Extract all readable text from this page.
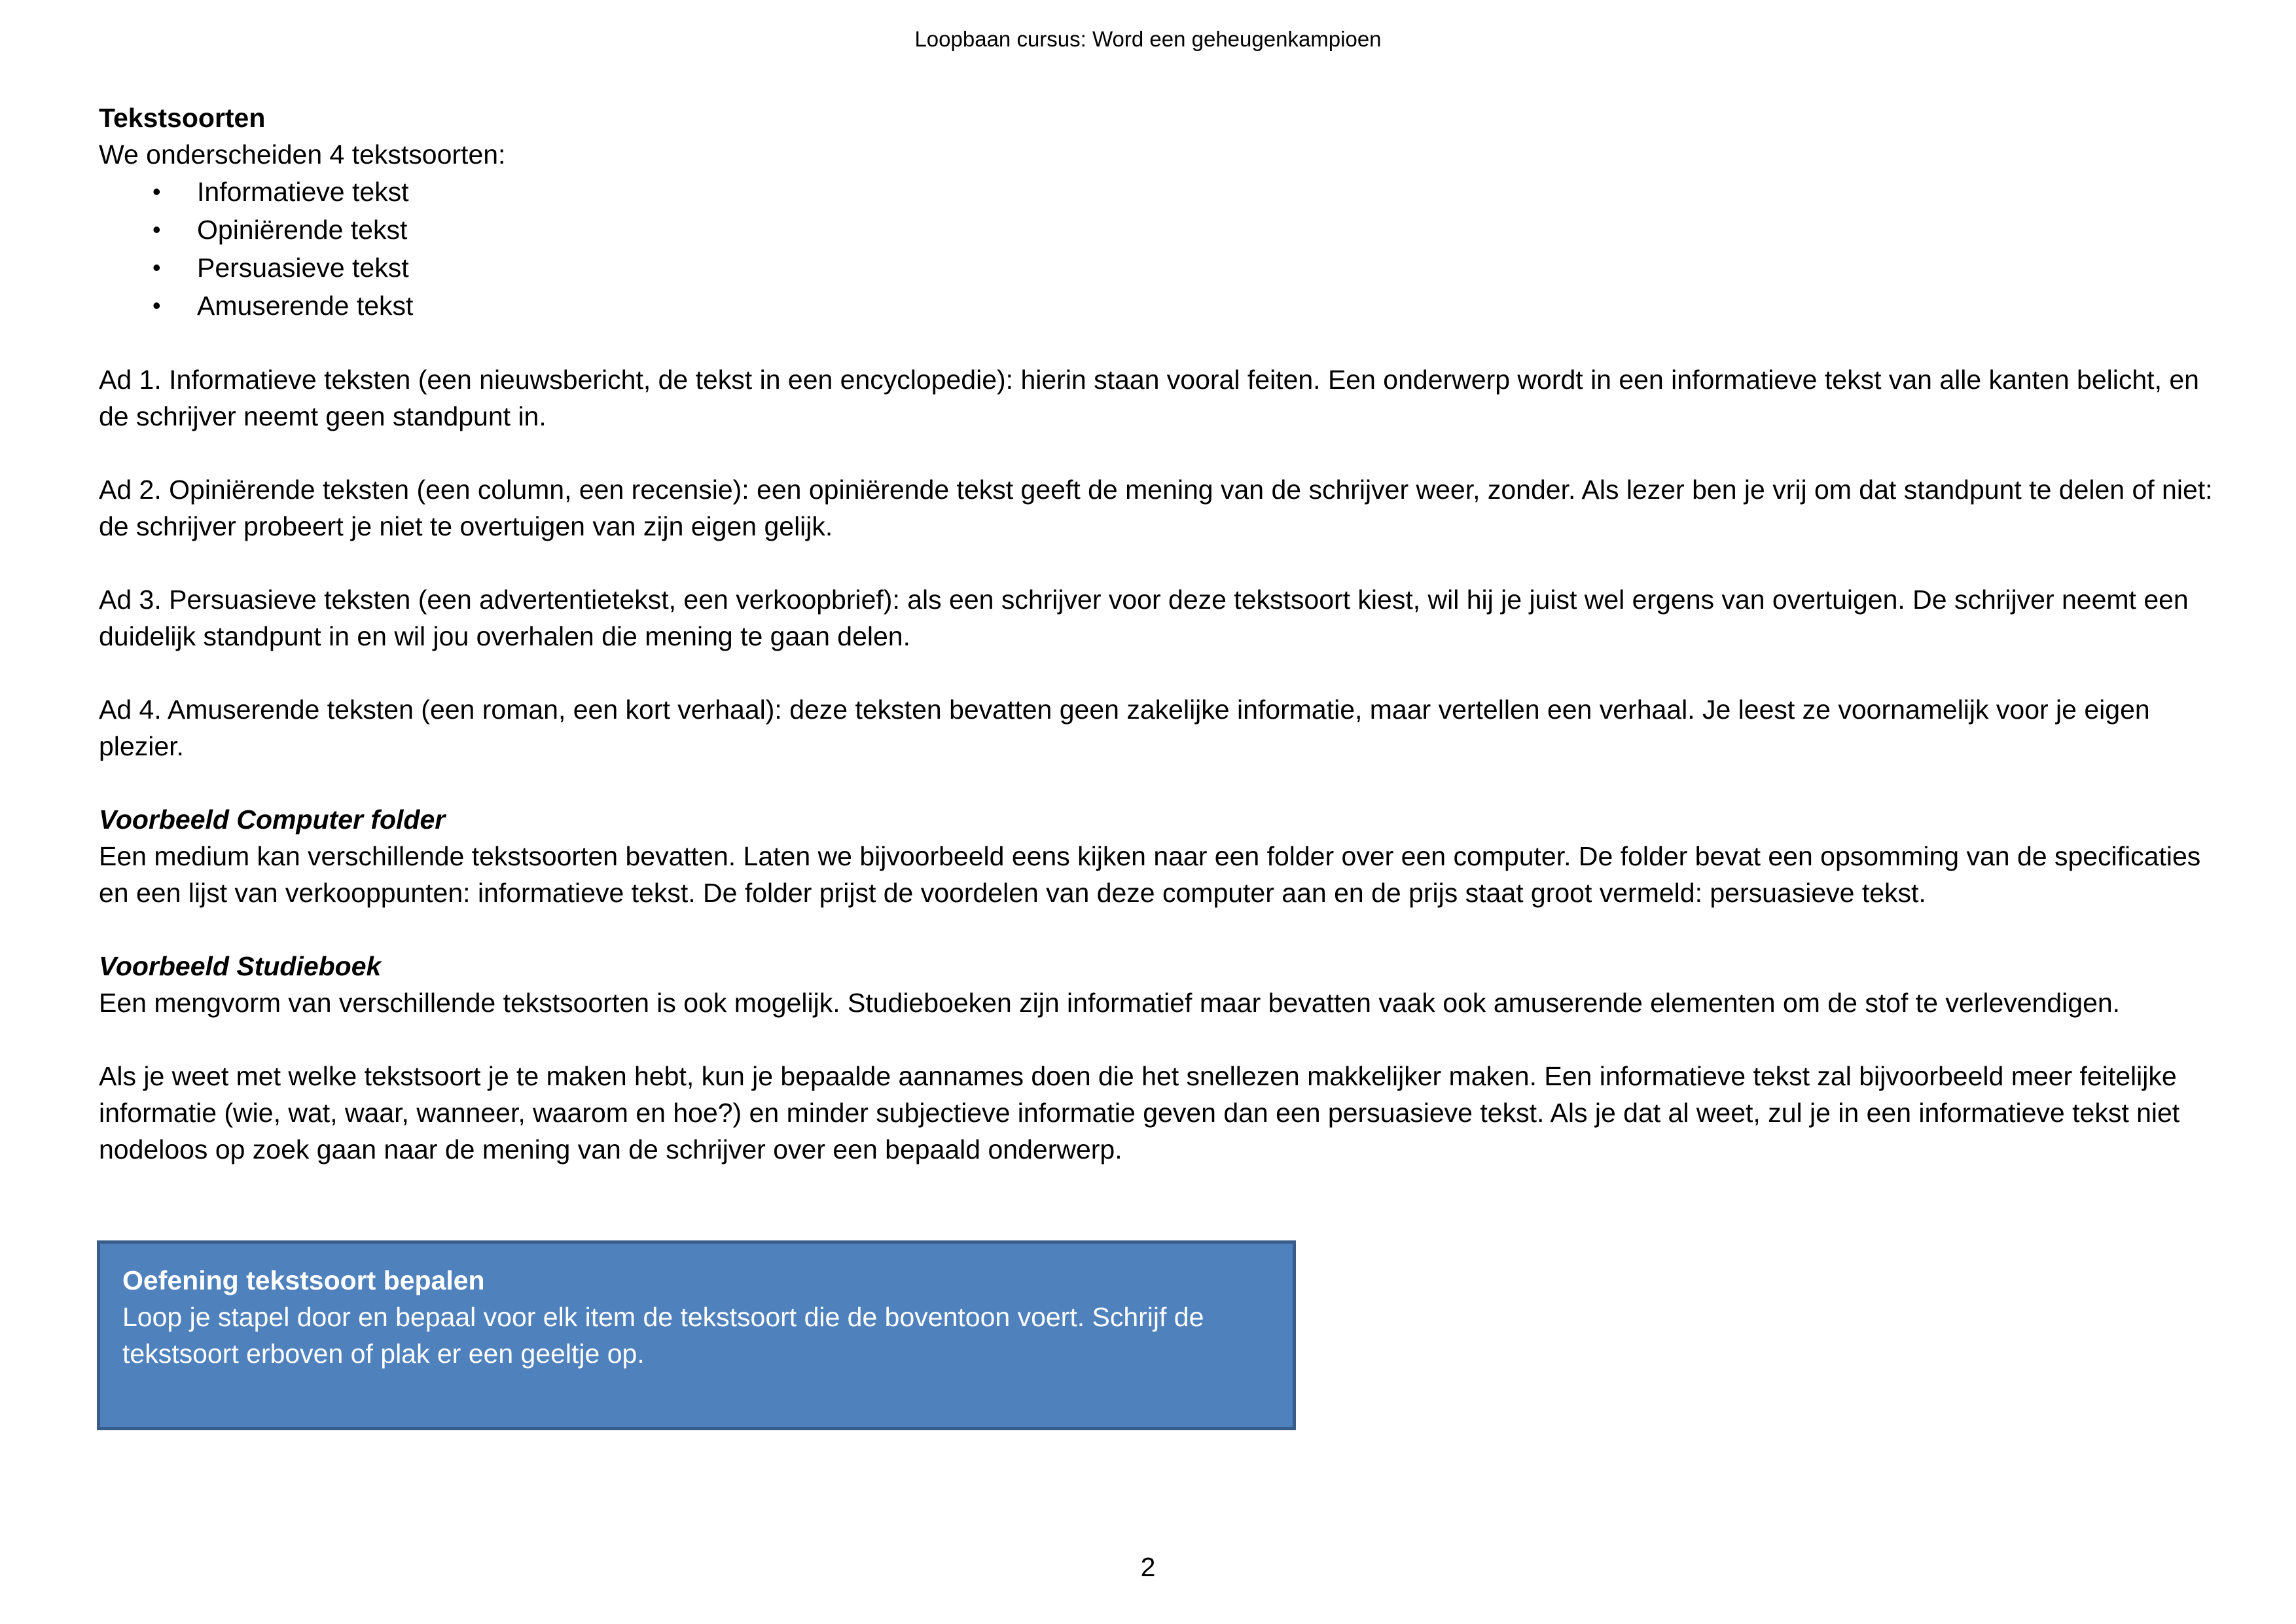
Loopbaan cursus: Word een geheugenkampioen

Tekstsoorten

We onderscheiden 4 tekstsoorten:

• Informatieve tekst
• Opiniërende tekst
• Persuasieve tekst
• Amuserende tekst

Ad 1. Informatieve teksten (een nieuwsbericht, de tekst in een encyclopedie): hierin staan vooral feiten. Een onderwerp wordt in een informatieve tekst van alle kanten belicht, en de schrijver neemt geen standpunt in.

Ad 2. Opiniërende teksten (een column, een recensie): een opiniërende tekst geeft de mening van de schrijver weer, zonder. Als lezer ben je vrij om dat standpunt te delen of niet: de schrijver probeert je niet te overtuigen van zijn eigen gelijk.

Ad 3. Persuasieve teksten (een advertentietekst, een verkoopbrief): als een schrijver voor deze tekstsoort kiest, wil hij je juist wel ergens van overtuigen. De schrijver neemt een duidelijk standpunt in en wil jou overhalen die mening te gaan delen.

Ad 4. Amuserende teksten (een roman, een kort verhaal): deze teksten bevatten geen zakelijke informatie, maar vertellen een verhaal. Je leest ze voornamelijk voor je eigen plezier.

Voorbeeld Computer folder

Een medium kan verschillende tekstsoorten bevatten. Laten we bijvoorbeeld eens kijken naar een folder over een computer. De folder bevat een opsomming van de specificaties en een lijst van verkooppunten: informatieve tekst. De folder prijst de voordelen van deze computer aan en de prijs staat groot vermeld: persuasieve tekst.

Voorbeeld Studieboek

Een mengvorm van verschillende tekstsoorten is ook mogelijk. Studieboeken zijn informatief maar bevatten vaak ook amuserende elementen om de stof te verlevendigen.

Als je weet met welke tekstsoort je te maken hebt, kun je bepaalde aannames doen die het snellezen makkelijker maken. Een informatieve tekst zal bijvoorbeeld meer feitelijke informatie (wie, wat, waar, wanneer, waarom en hoe?) en minder subjectieve informatie geven dan een persuasieve tekst. Als je dat al weet, zul je in een informatieve tekst niet nodeloos op zoek gaan naar de mening van de schrijver over een bepaald onderwerp.

Oefening tekstsoort bepalen

Loop je stapel door en bepaal voor elk item de tekstsoort die de boventoon voert. Schrijf de tekstsoort erboven of plak er een geeltje op.

2
